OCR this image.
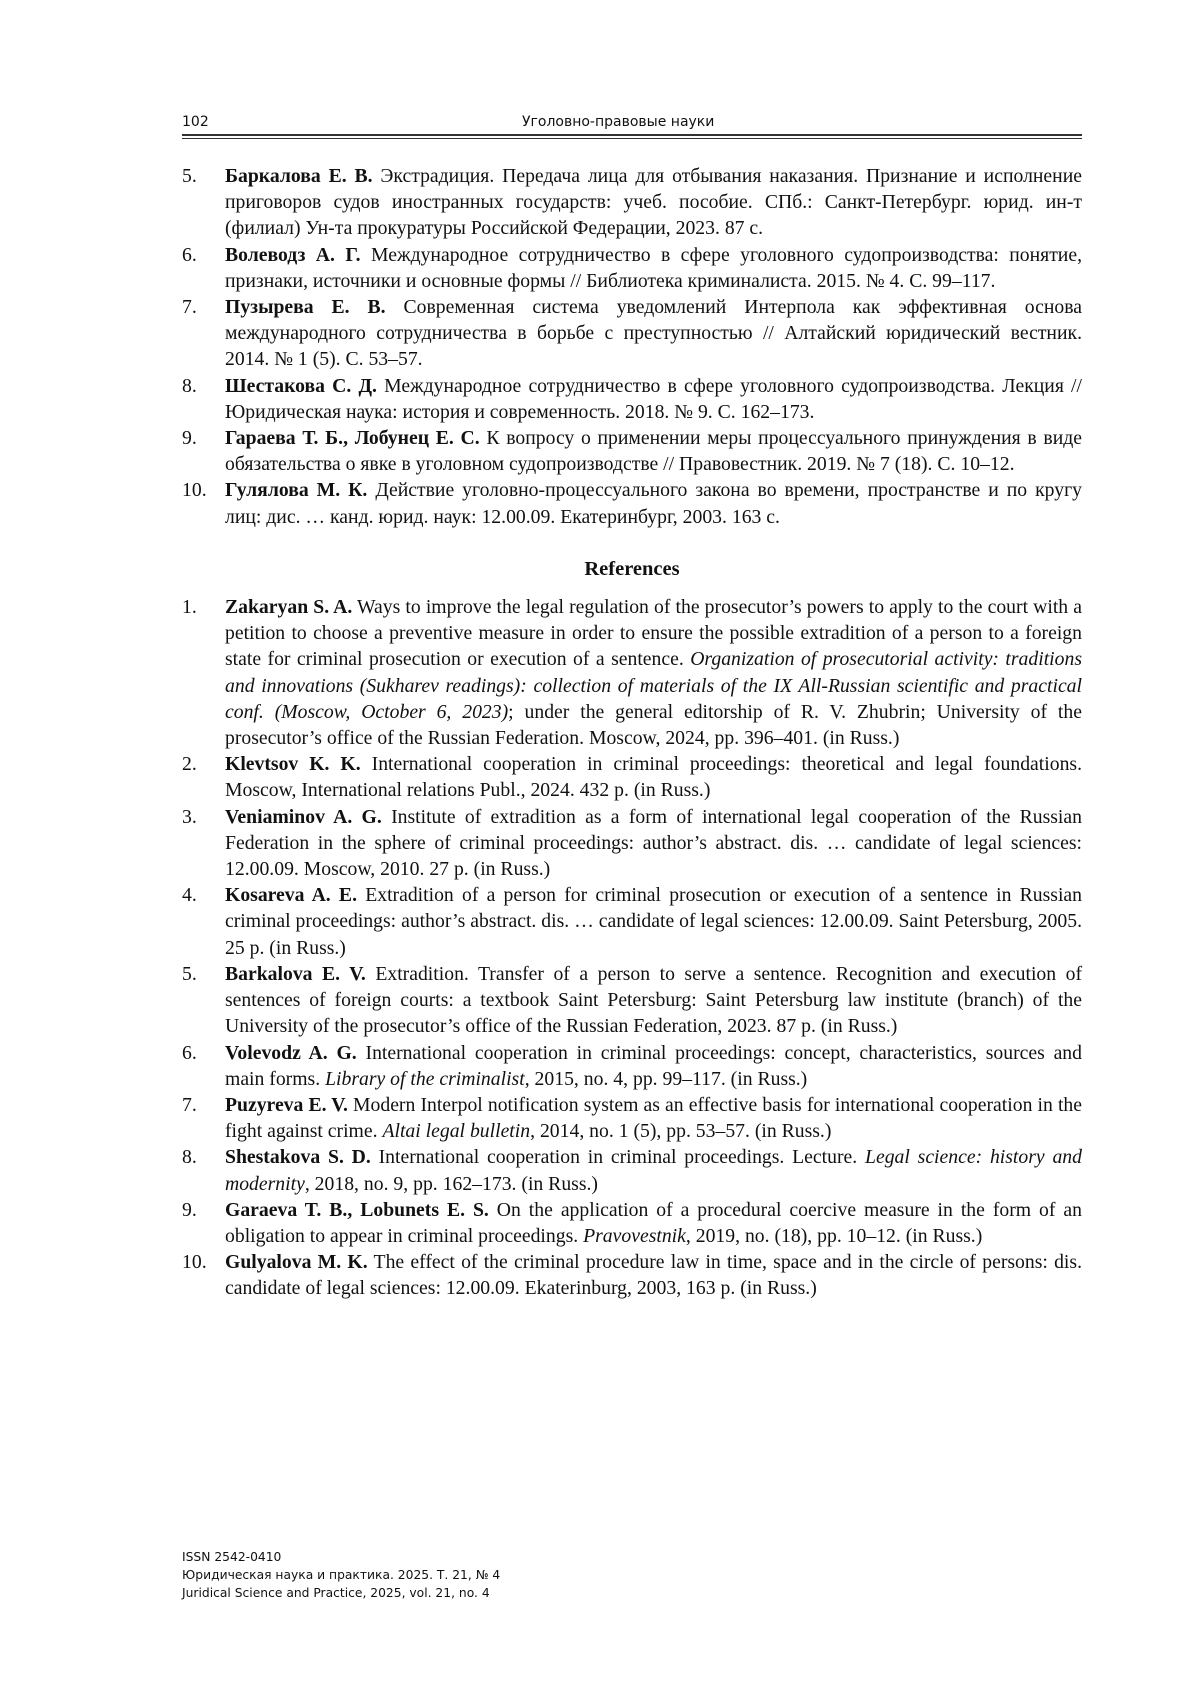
102	Уголовно-правовые науки
5. Баркалова Е. В. Экстрадиция. Передача лица для отбывания наказания. Признание и исполнение приговоров судов иностранных государств: учеб. пособие. СПб.: Санкт-Петербург. юрид. ин-т (филиал) Ун-та прокуратуры Российской Федерации, 2023. 87 с.
6. Волеводз А. Г. Международное сотрудничество в сфере уголовного судопроизводства: понятие, признаки, источники и основные формы // Библиотека криминалиста. 2015. № 4. С. 99–117.
7. Пузырева Е. В. Современная система уведомлений Интерпола как эффективная основа международного сотрудничества в борьбе с преступностью // Алтайский юридический вестник. 2014. № 1 (5). С. 53–57.
8. Шестакова С. Д. Международное сотрудничество в сфере уголовного судопроизводства. Лекция // Юридическая наука: история и современность. 2018. № 9. С. 162–173.
9. Гараева Т. Б., Лобунец Е. С. К вопросу о применении меры процессуального принуждения в виде обязательства о явке в уголовном судопроизводстве // Правовестник. 2019. № 7 (18). С. 10–12.
10. Гулялова М. К. Действие уголовно-процессуального закона во времени, пространстве и по кругу лиц: дис. … канд. юрид. наук: 12.00.09. Екатеринбург, 2003. 163 с.
References
1. Zakaryan S. A. Ways to improve the legal regulation of the prosecutor’s powers to apply to the court with a petition to choose a preventive measure in order to ensure the possible extradition of a person to a foreign state for criminal prosecution or execution of a sentence. Organization of prosecutorial activity: traditions and innovations (Sukharev readings): collection of materials of the IX All-Russian scientific and practical conf. (Moscow, October 6, 2023); under the general editorship of R. V. Zhubrin; University of the prosecutor’s office of the Russian Federation. Moscow, 2024, pp. 396–401. (in Russ.)
2. Klevtsov K. K. International cooperation in criminal proceedings: theoretical and legal foundations. Moscow, International relations Publ., 2024. 432 p. (in Russ.)
3. Veniaminov A. G. Institute of extradition as a form of international legal cooperation of the Russian Federation in the sphere of criminal proceedings: author’s abstract. dis. … candidate of legal sciences: 12.00.09. Moscow, 2010. 27 p. (in Russ.)
4. Kosareva A. E. Extradition of a person for criminal prosecution or execution of a sentence in Russian criminal proceedings: author’s abstract. dis. … candidate of legal sciences: 12.00.09. Saint Petersburg, 2005. 25 p. (in Russ.)
5. Barkalova E. V. Extradition. Transfer of a person to serve a sentence. Recognition and execution of sentences of foreign courts: a textbook Saint Petersburg: Saint Petersburg law institute (branch) of the University of the prosecutor’s office of the Russian Federation, 2023. 87 p. (in Russ.)
6. Volevodz A. G. International cooperation in criminal proceedings: concept, characteristics, sources and main forms. Library of the criminalist, 2015, no. 4, pp. 99–117. (in Russ.)
7. Puzyreva E. V. Modern Interpol notification system as an effective basis for international cooperation in the fight against crime. Altai legal bulletin, 2014, no. 1 (5), pp. 53–57. (in Russ.)
8. Shestakova S. D. International cooperation in criminal proceedings. Lecture. Legal science: history and modernity, 2018, no. 9, pp. 162–173. (in Russ.)
9. Garaeva T. B., Lobunets E. S. On the application of a procedural coercive measure in the form of an obligation to appear in criminal proceedings. Pravovestnik, 2019, no. (18), pp. 10–12. (in Russ.)
10. Gulyalova M. K. The effect of the criminal procedure law in time, space and in the circle of persons: dis. candidate of legal sciences: 12.00.09. Ekaterinburg, 2003, 163 p. (in Russ.)
ISSN 2542-0410
Юридическая наука и практика. 2025. Т. 21, № 4
Juridical Science and Practice, 2025, vol. 21, no. 4
